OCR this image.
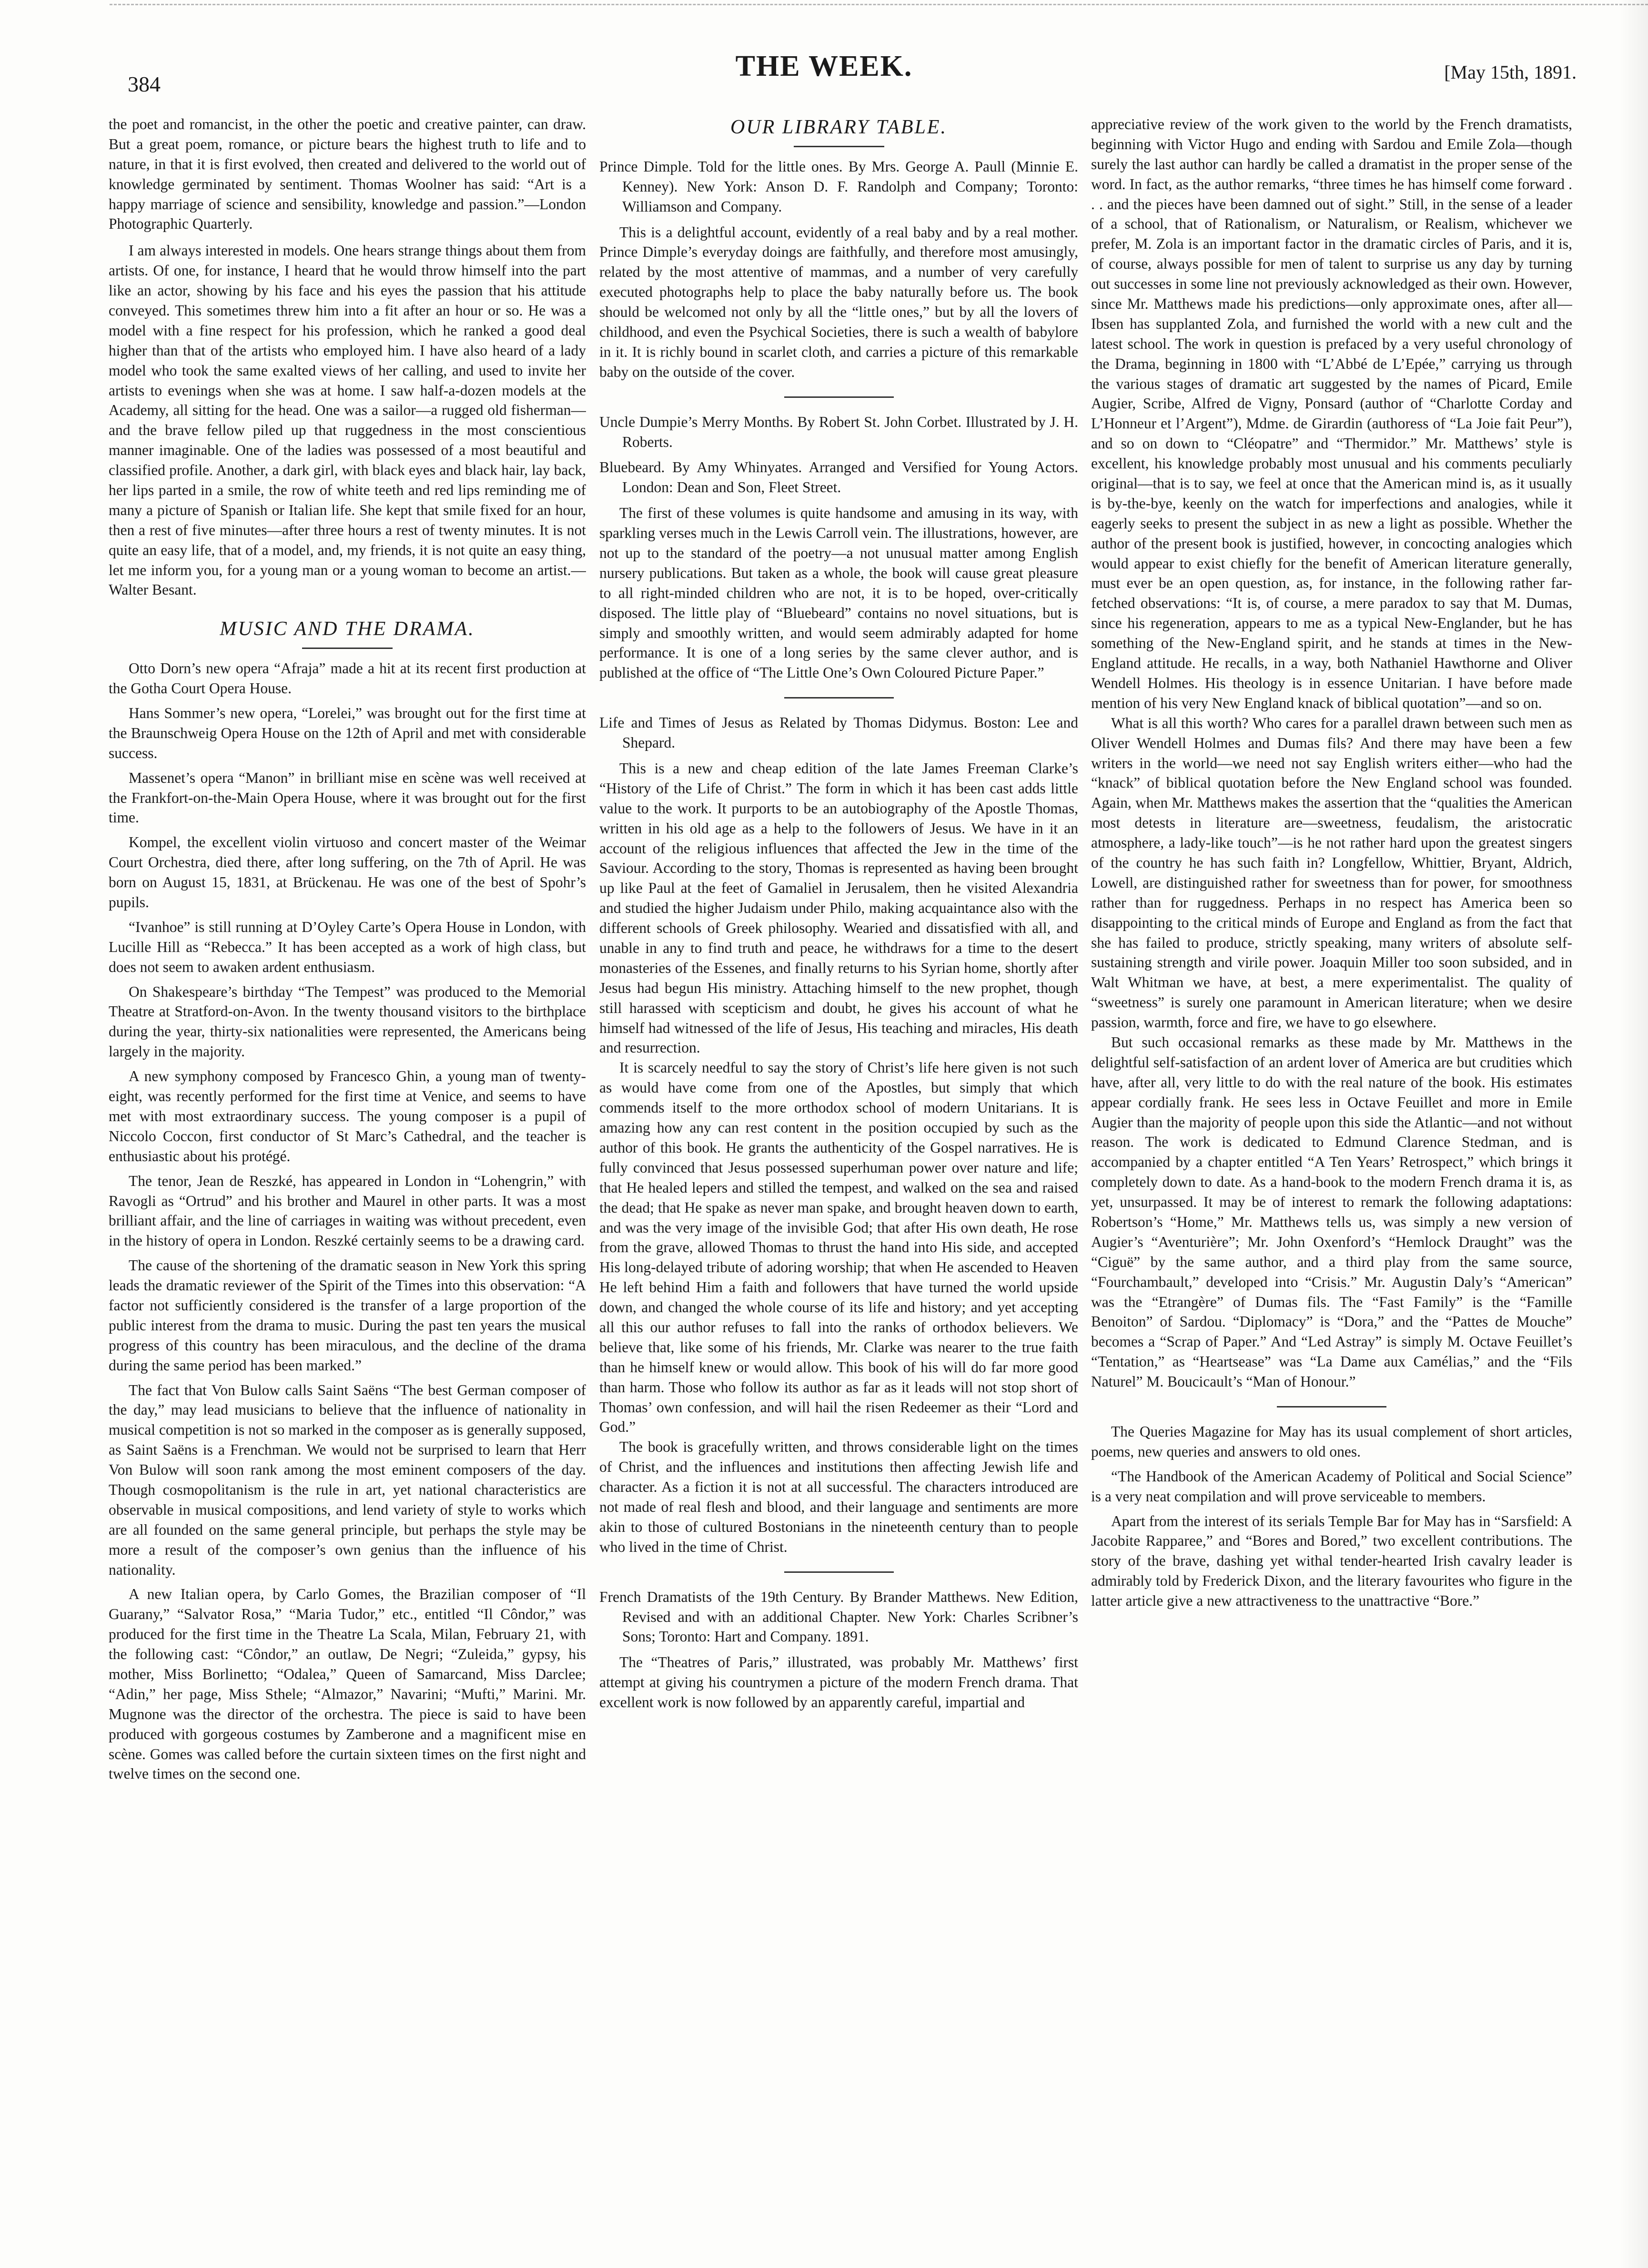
384
THE WEEK.	[May 15th, 1891.

the poet and romancist, in the other the poetic and creative painter, can draw. But a great poem, romance, or picture bears the highest truth to life and to nature, in that it is first evolved, then created and delivered to the world out of knowledge germinated by sentiment. Thomas Woolner has said: “Art is a happy marriage of science and sensibility, knowledge and passion.”—London Photographic Quarterly.

I am always interested in models. One hears strange things about them from artists. Of one, for instance, I heard that he would throw himself into the part like an actor, showing by his face and his eyes the passion that his attitude conveyed. This sometimes threw him into a fit after an hour or so. He was a model with a fine respect for his profession, which he ranked a good deal higher than that of the artists who employed him. I have also heard of a lady model who took the same exalted views of her calling, and used to invite her artists to evenings when she was at home. I saw half-a-dozen models at the Academy, all sitting for the head. One was a sailor—a rugged old fisherman—and the brave fellow piled up that ruggedness in the most conscientious manner imaginable. One of the ladies was possessed of a most beautiful and classified profile. Another, a dark girl, with black eyes and black hair, lay back, her lips parted in a smile, the row of white teeth and red lips reminding me of many a picture of Spanish or Italian life. She kept that smile fixed for an hour, then a rest of five minutes—after three hours a rest of twenty minutes. It is not quite an easy life, that of a model, and, my friends, it is not quite an easy thing, let me inform you, for a young man or a young woman to become an artist.—Walter Besant.

MUSIC AND THE DRAMA.

Otto Dorn’s new opera “Afraja” made a hit at its recent first production at the Gotha Court Opera House.

Hans Sommer’s new opera, “Lorelei,” was brought out for the first time at the Braunschweig Opera House on the 12th of April and met with considerable success.

Massenet’s opera “Manon” in brilliant mise en scène was well received at the Frankfort-on-the-Main Opera House, where it was brought out for the first time.

Kompel, the excellent violin virtuoso and concert master of the Weimar Court Orchestra, died there, after long suffering, on the 7th of April. He was born on August 15, 1831, at Brückenau. He was one of the best of Spohr’s pupils.

“Ivanhoe” is still running at D’Oyley Carte’s Opera House in London, with Lucille Hill as “Rebecca.” It has been accepted as a work of high class, but does not seem to awaken ardent enthusiasm.

On Shakespeare’s birthday “The Tempest” was produced to the Memorial Theatre at Stratford-on-Avon. In the twenty thousand visitors to the birthplace during the year, thirty-six nationalities were represented, the Americans being largely in the majority.

A new symphony composed by Francesco Ghin, a young man of twenty-eight, was recently performed for the first time at Venice, and seems to have met with most extraordinary success. The young composer is a pupil of Niccolo Coccon, first conductor of St Marc’s Cathedral, and the teacher is enthusiastic about his protégé.

The tenor, Jean de Reszké, has appeared in London in “Lohengrin,” with Ravogli as “Ortrud” and his brother and Maurel in other parts. It was a most brilliant affair, and the line of carriages in waiting was without precedent, even in the history of opera in London. Reszké certainly seems to be a drawing card.

The cause of the shortening of the dramatic season in New York this spring leads the dramatic reviewer of the Spirit of the Times into this observation: “A factor not sufficiently considered is the transfer of a large proportion of the public interest from the drama to music. During the past ten years the musical progress of this country has been miraculous, and the decline of the drama during the same period has been marked.”

The fact that Von Bulow calls Saint Saëns “The best German composer of the day,” may lead musicians to believe that the influence of nationality in musical competition is not so marked in the composer as is generally supposed, as Saint Saëns is a Frenchman. We would not be surprised to learn that Herr Von Bulow will soon rank among the most eminent composers of the day. Though cosmopolitanism is the rule in art, yet national characteristics are observable in musical compositions, and lend variety of style to works which are all founded on the same general principle, but perhaps the style may be more a result of the composer’s own genius than the influence of his nationality.

A new Italian opera, by Carlo Gomes, the Brazilian composer of “Il Guarany,” “Salvator Rosa,” “Maria Tudor,” etc., entitled “Il Côndor,” was produced for the first time in the Theatre La Scala, Milan, February 21, with the following cast: “Côndor,” an outlaw, De Negri; “Zuleida,” gypsy, his mother, Miss Borlinetto; “Odalea,” Queen of Samarcand, Miss Darclee; “Adin,” her page, Miss Sthele; “Almazor,” Navarini; “Mufti,” Marini. Mr. Mugnone was the director of the orchestra. The piece is said to have been produced with gorgeous costumes by Zamberone and a magnificent mise en scène. Gomes was called before the curtain sixteen times on the first night and twelve times on the second one.

OUR LIBRARY TABLE.

Prince Dimple. Told for the little ones. By Mrs. George A. Paull (Minnie E. Kenney). New York: Anson D. F. Randolph and Company; Toronto: Williamson and Company.

This is a delightful account, evidently of a real baby and by a real mother. Prince Dimple’s everyday doings are faithfully, and therefore most amusingly, related by the most attentive of mammas, and a number of very carefully executed photographs help to place the baby naturally before us. The book should be welcomed not only by all the “little ones,” but by all the lovers of childhood, and even the Psychical Societies, there is such a wealth of babylore in it. It is richly bound in scarlet cloth, and carries a picture of this remarkable baby on the outside of the cover.

Uncle Dumpie’s Merry Months. By Robert St. John Corbet. Illustrated by J. H. Roberts.

Bluebeard. By Amy Whinyates. Arranged and Versified for Young Actors. London: Dean and Son, Fleet Street.

The first of these volumes is quite handsome and amusing in its way, with sparkling verses much in the Lewis Carroll vein. The illustrations, however, are not up to the standard of the poetry—a not unusual matter among English nursery publications. But taken as a whole, the book will cause great pleasure to all right-minded children who are not, it is to be hoped, over-critically disposed. The little play of “Bluebeard” contains no novel situations, but is simply and smoothly written, and would seem admirably adapted for home performance. It is one of a long series by the same clever author, and is published at the office of “The Little One’s Own Coloured Picture Paper.”

Life and Times of Jesus as Related by Thomas Didymus. Boston: Lee and Shepard.

This is a new and cheap edition of the late James Freeman Clarke’s “History of the Life of Christ.” The form in which it has been cast adds little value to the work. It purports to be an autobiography of the Apostle Thomas, written in his old age as a help to the followers of Jesus. We have in it an account of the religious influences that affected the Jew in the time of the Saviour. According to the story, Thomas is represented as having been brought up like Paul at the feet of Gamaliel in Jerusalem, then he visited Alexandria and studied the higher Judaism under Philo, making acquaintance also with the different schools of Greek philosophy. Wearied and dissatisfied with all, and unable in any to find truth and peace, he withdraws for a time to the desert monasteries of the Essenes, and finally returns to his Syrian home, shortly after Jesus had begun His ministry. Attaching himself to the new prophet, though still harassed with scepticism and doubt, he gives his account of what he himself had witnessed of the life of Jesus, His teaching and miracles, His death and resurrection.

It is scarcely needful to say the story of Christ’s life here given is not such as would have come from one of the Apostles, but simply that which commends itself to the more orthodox school of modern Unitarians. It is amazing how any can rest content in the position occupied by such as the author of this book. He grants the authenticity of the Gospel narratives. He is fully convinced that Jesus possessed superhuman power over nature and life; that He healed lepers and stilled the tempest, and walked on the sea and raised the dead; that He spake as never man spake, and brought heaven down to earth, and was the very image of the invisible God; that after His own death, He rose from the grave, allowed Thomas to thrust the hand into His side, and accepted His long-delayed tribute of adoring worship; that when He ascended to Heaven He left behind Him a faith and followers that have turned the world upside down, and changed the whole course of its life and history; and yet accepting all this our author refuses to fall into the ranks of orthodox believers. We believe that, like some of his friends, Mr. Clarke was nearer to the true faith than he himself knew or would allow. This book of his will do far more good than harm. Those who follow its author as far as it leads will not stop short of Thomas’ own confession, and will hail the risen Redeemer as their “Lord and God.”

The book is gracefully written, and throws considerable light on the times of Christ, and the influences and institutions then affecting Jewish life and character. As a fiction it is not at all successful. The characters introduced are not made of real flesh and blood, and their language and sentiments are more akin to those of cultured Bostonians in the nineteenth century than to people who lived in the time of Christ.

French Dramatists of the 19th Century. By Brander Matthews. New Edition, Revised and with an additional Chapter. New York: Charles Scribner’s Sons; Toronto: Hart and Company. 1891.

The “Theatres of Paris,” illustrated, was probably Mr. Matthews’ first attempt at giving his countrymen a picture of the modern French drama. That excellent work is now followed by an apparently careful, impartial and

appreciative review of the work given to the world by the French dramatists, beginning with Victor Hugo and ending with Sardou and Emile Zola—though surely the last author can hardly be called a dramatist in the proper sense of the word. In fact, as the author remarks, “three times he has himself come forward . . . and the pieces have been damned out of sight.” Still, in the sense of a leader of a school, that of Rationalism, or Naturalism, or Realism, whichever we prefer, M. Zola is an important factor in the dramatic circles of Paris, and it is, of course, always possible for men of talent to surprise us any day by turning out successes in some line not previously acknowledged as their own. However, since Mr. Matthews made his predictions—only approximate ones, after all—Ibsen has supplanted Zola, and furnished the world with a new cult and the latest school. The work in question is prefaced by a very useful chronology of the Drama, beginning in 1800 with “L’Abbé de L’Epée,” carrying us through the various stages of dramatic art suggested by the names of Picard, Emile Augier, Scribe, Alfred de Vigny, Ponsard (author of “Charlotte Corday and L’Honneur et l’Argent”), Mdme. de Girardin (authoress of “La Joie fait Peur”), and so on down to “Cléopatre” and “Thermidor.” Mr. Matthews’ style is excellent, his knowledge probably most unusual and his comments peculiarly original—that is to say, we feel at once that the American mind is, as it usually is by-the-bye, keenly on the watch for imperfections and analogies, while it eagerly seeks to present the subject in as new a light as possible. Whether the author of the present book is justified, however, in concocting analogies which would appear to exist chiefly for the benefit of American literature generally, must ever be an open question, as, for instance, in the following rather far-fetched observations: “It is, of course, a mere paradox to say that M. Dumas, since his regeneration, appears to me as a typical New-Englander, but he has something of the New-England spirit, and he stands at times in the New-England attitude. He recalls, in a way, both Nathaniel Hawthorne and Oliver Wendell Holmes. His theology is in essence Unitarian. I have before made mention of his very New England knack of biblical quotation”—and so on.

What is all this worth? Who cares for a parallel drawn between such men as Oliver Wendell Holmes and Dumas fils? And there may have been a few writers in the world—we need not say English writers either—who had the “knack” of biblical quotation before the New England school was founded. Again, when Mr. Matthews makes the assertion that the “qualities the American most detests in literature are—sweetness, feudalism, the aristocratic atmosphere, a lady-like touch”—is he not rather hard upon the greatest singers of the country he has such faith in? Longfellow, Whittier, Bryant, Aldrich, Lowell, are distinguished rather for sweetness than for power, for smoothness rather than for ruggedness. Perhaps in no respect has America been so disappointing to the critical minds of Europe and England as from the fact that she has failed to produce, strictly speaking, many writers of absolute self-sustaining strength and virile power. Joaquin Miller too soon subsided, and in Walt Whitman we have, at best, a mere experimentalist. The quality of “sweetness” is surely one paramount in American literature; when we desire passion, warmth, force and fire, we have to go elsewhere.

But such occasional remarks as these made by Mr. Matthews in the delightful self-satisfaction of an ardent lover of America are but crudities which have, after all, very little to do with the real nature of the book. His estimates appear cordially frank. He sees less in Octave Feuillet and more in Emile Augier than the majority of people upon this side the Atlantic—and not without reason. The work is dedicated to Edmund Clarence Stedman, and is accompanied by a chapter entitled “A Ten Years’ Retrospect,” which brings it completely down to date. As a hand-book to the modern French drama it is, as yet, unsurpassed. It may be of interest to remark the following adaptations: Robertson’s “Home,” Mr. Matthews tells us, was simply a new version of Augier’s “Aventurière”; Mr. John Oxenford’s “Hemlock Draught” was the “Ciguë” by the same author, and a third play from the same source, “Fourchambault,” developed into “Crisis.” Mr. Augustin Daly’s “American” was the “Etrangère” of Dumas fils. The “Fast Family” is the “Famille Benoiton” of Sardou. “Diplomacy” is “Dora,” and the “Pattes de Mouche” becomes a “Scrap of Paper.” And “Led Astray” is simply M. Octave Feuillet’s “Tentation,” as “Heartsease” was “La Dame aux Camélias,” and the “Fils Naturel” M. Boucicault’s “Man of Honour.”

The Queries Magazine for May has its usual complement of short articles, poems, new queries and answers to old ones.

“The Handbook of the American Academy of Political and Social Science” is a very neat compilation and will prove serviceable to members.

Apart from the interest of its serials Temple Bar for May has in “Sarsfield: A Jacobite Rapparee,” and “Bores and Bored,” two excellent contributions. The story of the brave, dashing yet withal tender-hearted Irish cavalry leader is admirably told by Frederick Dixon, and the literary favourites who figure in the latter article give a new attractiveness to the unattractive “Bore.”
